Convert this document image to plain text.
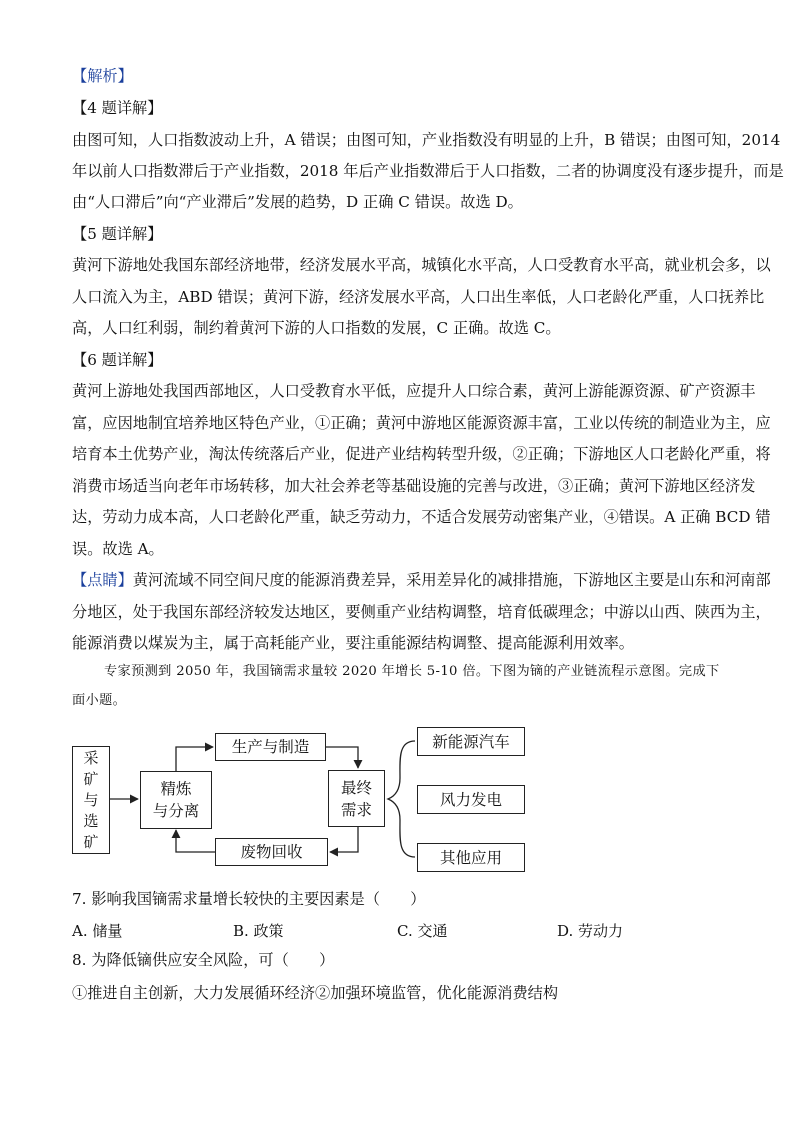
【解析】
【4 题详解】
由图可知，人口指数波动上升，A 错误；由图可知，产业指数没有明显的上升，B 错误；由图可知，2014
年以前人口指数滞后于产业指数，2018 年后产业指数滞后于人口指数，二者的协调度没有逐步提升，而是
由“人口滞后”向“产业滞后”发展的趋势，D 正确 C 错误。故选 D。
【5 题详解】
黄河下游地处我国东部经济地带，经济发展水平高，城镇化水平高，人口受教育水平高，就业机会多，以
人口流入为主，ABD 错误；黄河下游，经济发展水平高，人口出生率低，人口老龄化严重，人口抚养比
高，人口红利弱，制约着黄河下游的人口指数的发展，C 正确。故选 C。
【6 题详解】
黄河上游地处我国西部地区，人口受教育水平低，应提升人口综合素，黄河上游能源资源、矿产资源丰
富，应因地制宜培养地区特色产业，①正确；黄河中游地区能源资源丰富，工业以传统的制造业为主，应
培育本土优势产业，淘汰传统落后产业，促进产业结构转型升级，②正确；下游地区人口老龄化严重，将
消费市场适当向老年市场转移，加大社会养老等基础设施的完善与改进，③正确；黄河下游地区经济发
达，劳动力成本高，人口老龄化严重，缺乏劳动力，不适合发展劳动密集产业，④错误。A 正确 BCD 错
误。故选 A。
【点睛】黄河流域不同空间尺度的能源消费差异，采用差异化的减排措施，下游地区主要是山东和河南部
分地区，处于我国东部经济较发达地区，要侧重产业结构调整，培育低碳理念；中游以山西、陕西为主，
能源消费以煤炭为主，属于高耗能产业，要注重能源结构调整、提高能源利用效率。
专家预测到 2050 年，我国镝需求量较 2020 年增长 5-10 倍。下图为镝的产业链流程示意图。完成下
面小题。
采
矿
与
选
矿
精炼
与分离
生产与制造
最终
需求
废物回收
新能源汽车
风力发电
其他应用
7. 影响我国镝需求量增长较快的主要因素是（　　）
A. 储量	B. 政策	C. 交通	D. 劳动力
8. 为降低镝供应安全风险，可（　　）
①推进自主创新，大力发展循环经济②加强环境监管，优化能源消费结构
